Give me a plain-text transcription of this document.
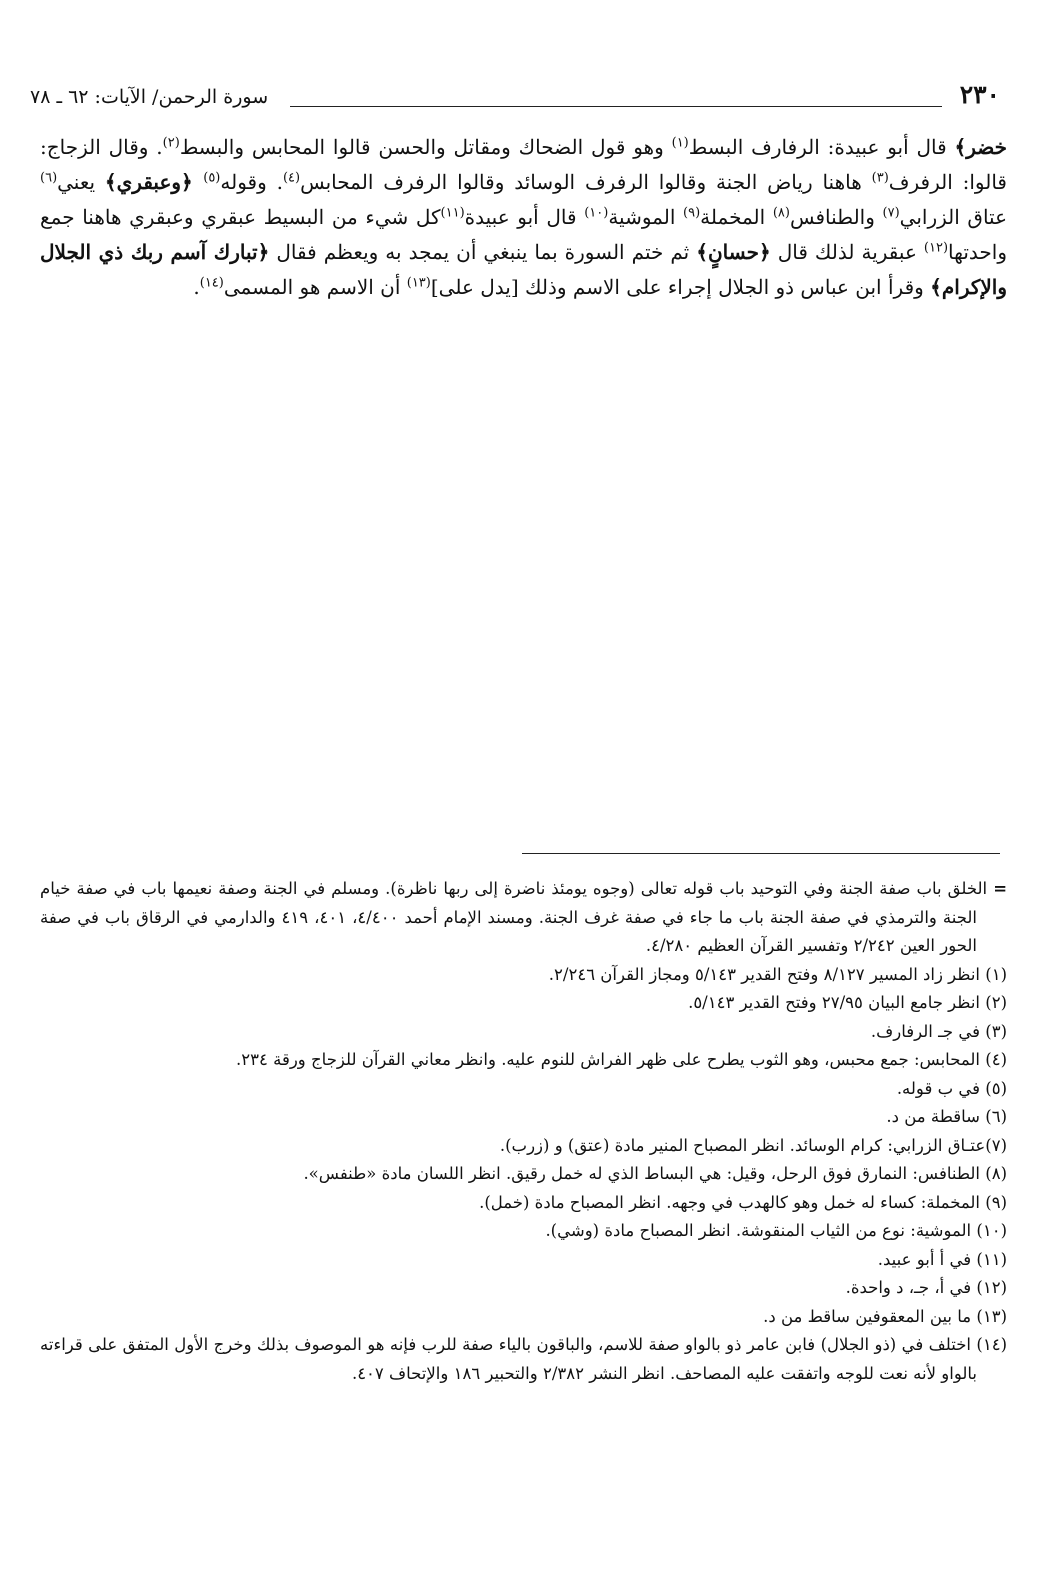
٢٣٠
سورة الرحمن/ الآيات: ٦٢ ـ ٧٨

خضر﴾ قال أبو عبيدة: الرفارف البسط$^{(١)}$ وهو قول الضحاك ومقاتل والحسن قالوا المحابس والبسط$^{(٢)}$. وقال الزجاج: قالوا: الرفرف$^{(٣)}$ هاهنا رياض الجنة وقالوا الرفرف الوسائد وقالوا الرفرف المحابس$^{(٤)}$. وقوله$^{(٥)}$ ﴿وعبقري﴾ يعني$^{(٦)}$ عتاق الزرابي$^{(٧)}$ والطنافس$^{(٨)}$ المخملة$^{(٩)}$ الموشية$^{(١٠)}$ قال أبو عبيدة$^{(١١)}$كل شيء من البسيط عبقري وعبقري هاهنا جمع واحدتها$^{(١٢)}$ عبقرية لذلك قال ﴿حسانٍ﴾ ثم ختم السورة بما ينبغي أن يمجد به ويعظم فقال ﴿تبارك آسم ربك ذي الجلال والإكرام﴾ وقرأ ابن عباس ذو الجلال إجراء على الاسم وذلك [يدل على]$^{(١٣)}$ أن الاسم هو المسمى$^{(١٤)}$.

= الخلق باب صفة الجنة وفي التوحيد باب قوله تعالى (وجوه يومئذ ناضرة إلى ربها ناظرة). ومسلم في الجنة وصفة نعيمها باب في صفة خيام الجنة والترمذي في صفة الجنة باب ما جاء في صفة غرف الجنة. ومسند الإمام أحمد ٤/٤٠٠، ٤٠١، ٤١٩ والدارمي في الرقاق باب في صفة الحور العين ٢/٢٤٢ وتفسير القرآن العظيم ٤/٢٨٠.

(١) انظر زاد المسير ٨/١٢٧ وفتح القدير ٥/١٤٣ ومجاز القرآن ٢/٢٤٦.

(٢) انظر جامع البيان ٢٧/٩٥ وفتح القدير ٥/١٤٣.

(٣) في جـ الرفارف.

(٤) المحابس: جمع محبس، وهو الثوب يطرح على ظهر الفراش للنوم عليه. وانظر معاني القرآن للزجاج ورقة ٢٣٤.

(٥) في ب قوله.

(٦) ساقطة من د.

(٧)عتـاق الزرابي: كرام الوسائد. انظر المصباح المنير مادة (عتق) و (زرب).

(٨) الطنافس: النمارق فوق الرحل، وقيل: هي البساط الذي له خمل رقيق. انظر اللسان مادة «طنفس».

(٩) المخملة: كساء له خمل وهو كالهدب في وجهه. انظر المصباح مادة (خمل).

(١٠) الموشية: نوع من الثياب المنقوشة. انظر المصباح مادة (وشي).

(١١) في أ أبو عبيد.

(١٢) في أ، جـ، د واحدة.

(١٣) ما بين المعقوفين ساقط من د.

(١٤) اختلف في (ذو الجلال) فابن عامر ذو بالواو صفة للاسم، والباقون بالياء صفة للرب فإنه هو الموصوف بذلك وخرج الأول المتفق على قراءته بالواو لأنه نعت للوجه واتفقت عليه المصاحف. انظر النشر ٢/٣٨٢ والتحبير ١٨٦ والإتحاف ٤٠٧.
